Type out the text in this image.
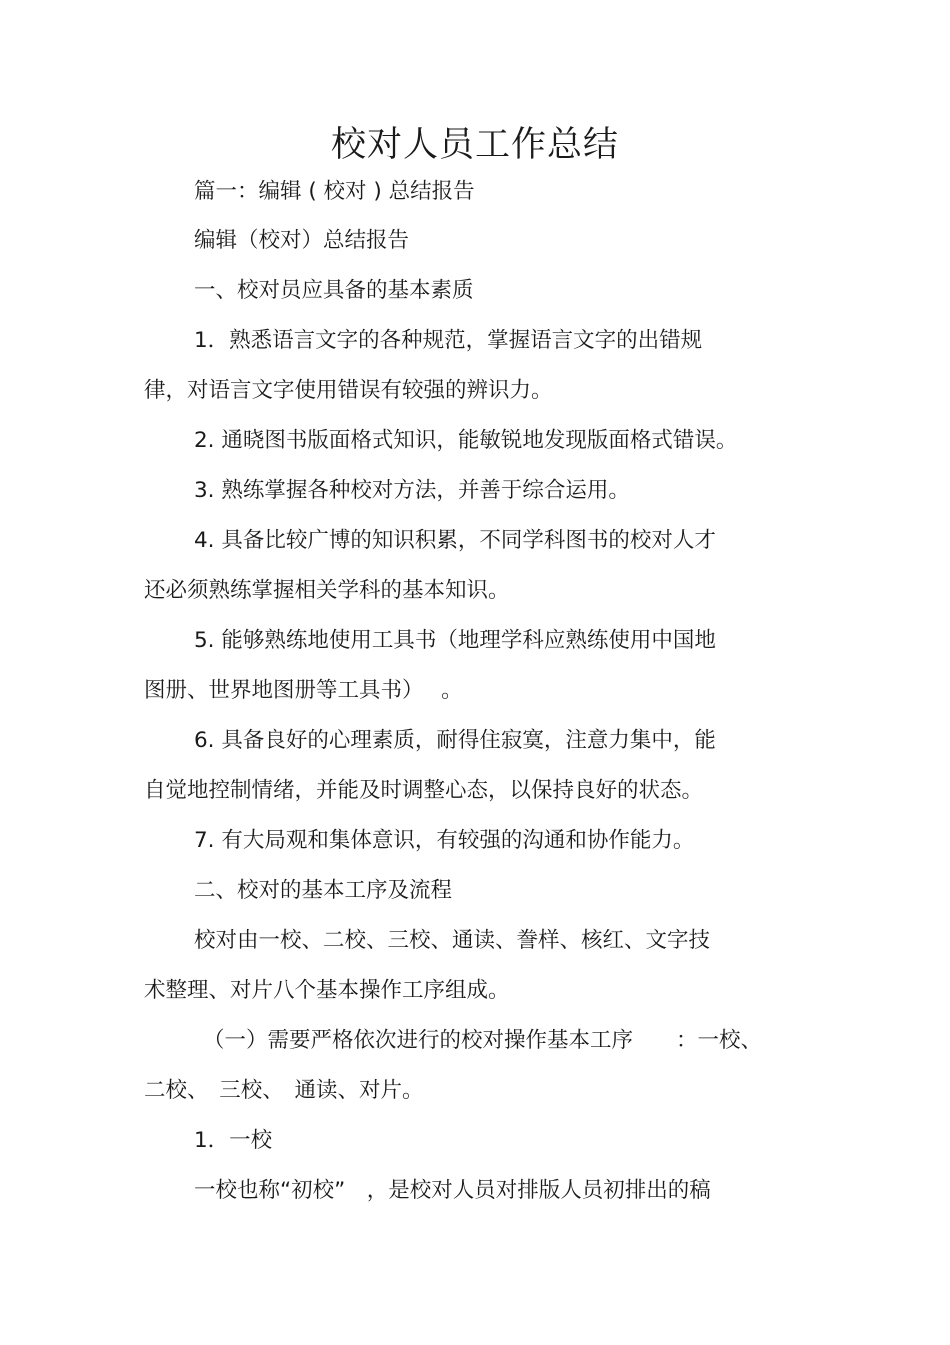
校对人员工作总结

篇一：编辑 ( 校对 ) 总结报告

编辑（校对）总结报告

一、校对员应具备的基本素质

1．熟悉语言文字的各种规范，掌握语言文字的出错规

律，对语言文字使用错误有较强的辨识力。

2. 通晓图书版面格式知识，能敏锐地发现版面格式错误。

3. 熟练掌握各种校对方法，并善于综合运用。

4. 具备比较广博的知识积累，不同学科图书的校对人才

还必须熟练掌握相关学科的基本知识。

5. 能够熟练地使用工具书（地理学科应熟练使用中国地

图册、世界地图册等工具书）　 。

6. 具备良好的心理素质，耐得住寂寞，注意力集中，能

自觉地控制情绪，并能及时调整心态，以保持良好的状态。

7. 有大局观和集体意识，有较强的沟通和协作能力。

二、校对的基本工序及流程

校对由一校、二校、三校、通读、誊样、核红、文字技

术整理、对片八个基本操作工序组成。

（一）需要严格依次进行的校对操作基本工序　　：一校、

二校、　三校、　通读、对片。

1．一校

一校也称“初校”　，是校对人员对排版人员初排出的稿
